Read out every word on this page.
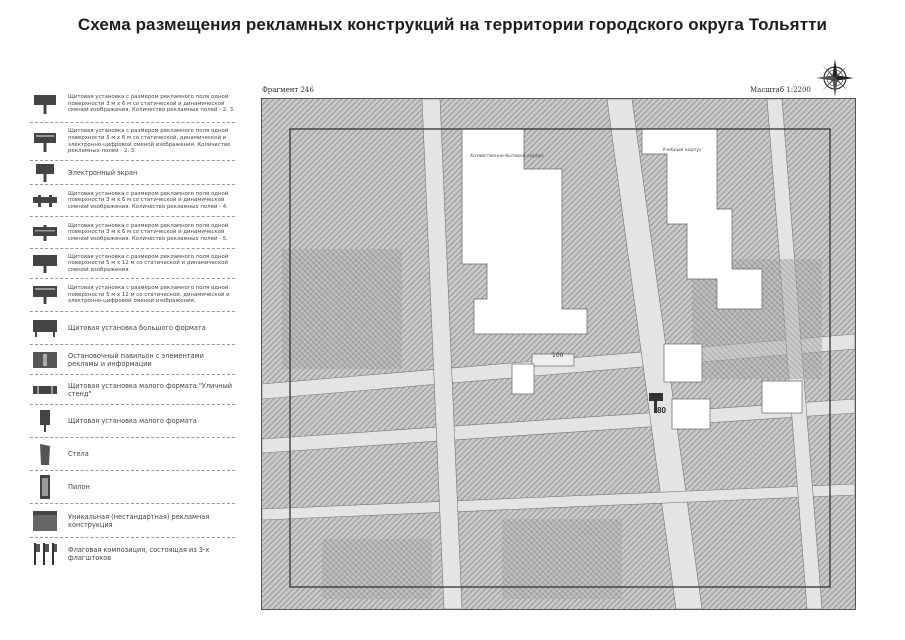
Схема размещения рекламных конструкций на территории городского округа Тольятти
Щитовая установка с размером рекламного поля одной поверхности 3 м х 6 м со статической и динамической сменой изображения. Количество рекламных полей - 2, 3.
Щитовая установка с размером рекламного поля одной поверхности 3 м х 6 м со статической, динамической и электронно-цифровой сменой изображения. Количество рекламных полей - 2, 3.
Электронный экран
Щитовая установка с размером рекламного поля одной поверхности 3 м х 6 м со статической и динамической сменой изображения. Количество рекламных полей - 4.
Щитовая установка с размером рекламного поля одной поверхности 3 м х 6 м со статической и динамической сменой изображения. Количество рекламных полей - 5.
Щитовая установка с размером рекламного поля одной поверхности 5 м х 12 м со статической и динамической сменой изображения.
Щитовая установка с размером рекламного поля одной поверхности 5 м х 12 м со статической, динамической и электронно-цифровой сменой изображения.
Щитовая установка большого формата
Остановочный павильон с элементами рекламы и информации
Щитовая установка малого формата "Уличный стенд"
Щитовая установка малого формата
Стела
Пилон
Уникальная (нестандартная) рекламная конструкция
Флаговая композиция, состоящая из 3-х флагштоков
Фрагмент 246	Масштаб 1:2200
Хозяйственно-бытовой корпус
Учебный корпус
100
80
